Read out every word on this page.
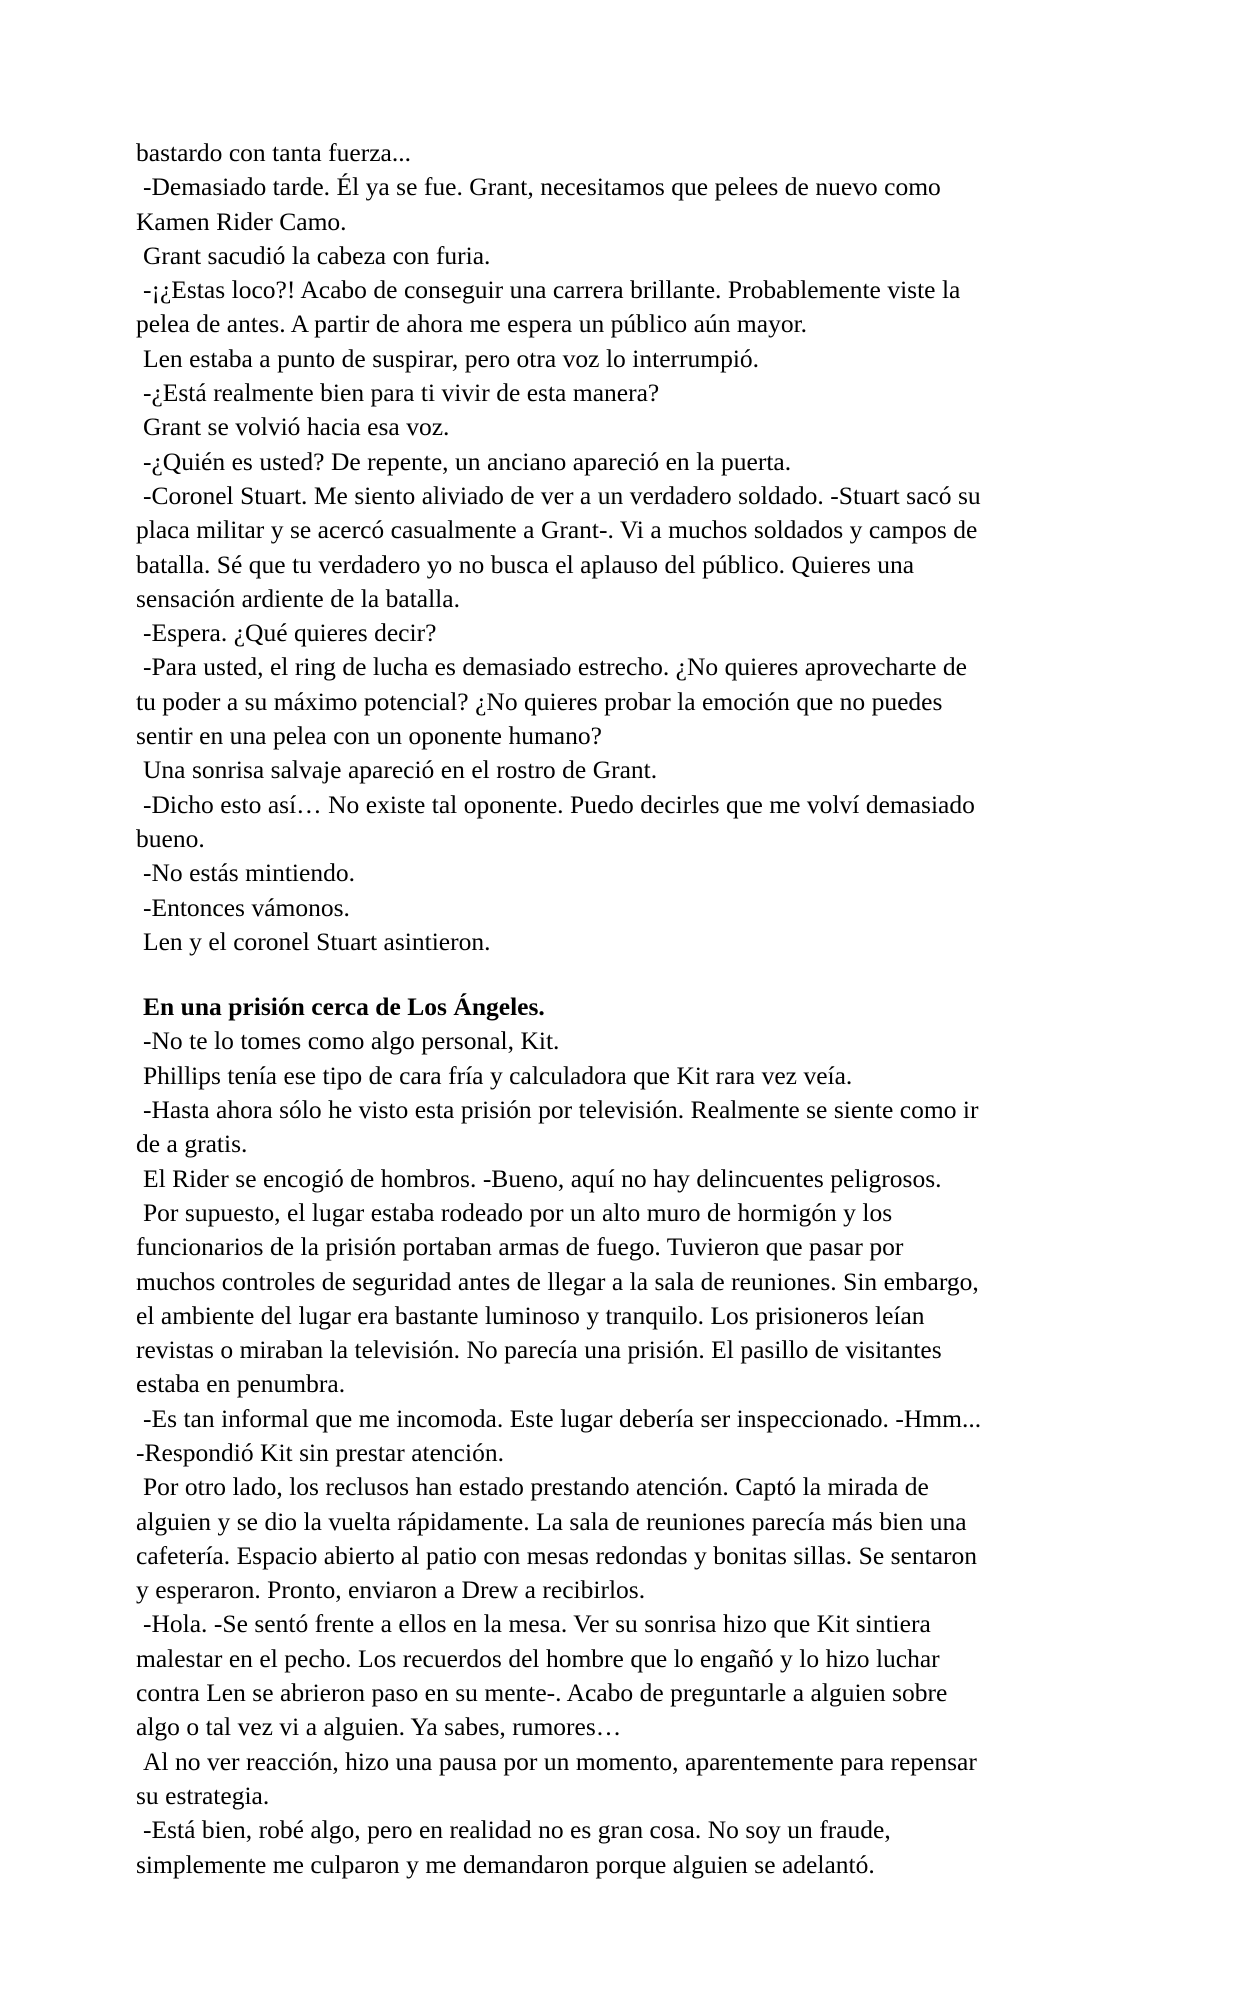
bastardo con tanta fuerza...

-Demasiado tarde. Él ya se fue. Grant, necesitamos que pelees de nuevo como Kamen Rider Camo.

Grant sacudió la cabeza con furia.

-¡¿Estas loco?! Acabo de conseguir una carrera brillante. Probablemente viste la pelea de antes. A partir de ahora me espera un público aún mayor.

Len estaba a punto de suspirar, pero otra voz lo interrumpió.

-¿Está realmente bien para ti vivir de esta manera?

Grant se volvió hacia esa voz.

-¿Quién es usted? De repente, un anciano apareció en la puerta.

-Coronel Stuart. Me siento aliviado de ver a un verdadero soldado. -Stuart sacó su placa militar y se acercó casualmente a Grant-. Vi a muchos soldados y campos de batalla. Sé que tu verdadero yo no busca el aplauso del público. Quieres una sensación ardiente de la batalla.

-Espera. ¿Qué quieres decir?

-Para usted, el ring de lucha es demasiado estrecho. ¿No quieres aprovecharte de tu poder a su máximo potencial? ¿No quieres probar la emoción que no puedes sentir en una pelea con un oponente humano?

Una sonrisa salvaje apareció en el rostro de Grant.

-Dicho esto así… No existe tal oponente. Puedo decirles que me volví demasiado bueno.

-No estás mintiendo.

-Entonces vámonos.

Len y el coronel Stuart asintieron.

En una prisión cerca de Los Ángeles.

-No te lo tomes como algo personal, Kit.

Phillips tenía ese tipo de cara fría y calculadora que Kit rara vez veía.

-Hasta ahora sólo he visto esta prisión por televisión. Realmente se siente como ir de a gratis.

El Rider se encogió de hombros. -Bueno, aquí no hay delincuentes peligrosos.

Por supuesto, el lugar estaba rodeado por un alto muro de hormigón y los funcionarios de la prisión portaban armas de fuego. Tuvieron que pasar por muchos controles de seguridad antes de llegar a la sala de reuniones. Sin embargo, el ambiente del lugar era bastante luminoso y tranquilo. Los prisioneros leían revistas o miraban la televisión. No parecía una prisión. El pasillo de visitantes estaba en penumbra.

-Es tan informal que me incomoda. Este lugar debería ser inspeccionado. -Hmm... -Respondió Kit sin prestar atención.

Por otro lado, los reclusos han estado prestando atención. Captó la mirada de alguien y se dio la vuelta rápidamente. La sala de reuniones parecía más bien una cafetería. Espacio abierto al patio con mesas redondas y bonitas sillas. Se sentaron y esperaron. Pronto, enviaron a Drew a recibirlos.

-Hola. -Se sentó frente a ellos en la mesa. Ver su sonrisa hizo que Kit sintiera malestar en el pecho. Los recuerdos del hombre que lo engañó y lo hizo luchar contra Len se abrieron paso en su mente-. Acabo de preguntarle a alguien sobre algo o tal vez vi a alguien. Ya sabes, rumores…

Al no ver reacción, hizo una pausa por un momento, aparentemente para repensar su estrategia.

-Está bien, robé algo, pero en realidad no es gran cosa. No soy un fraude, simplemente me culparon y me demandaron porque alguien se adelantó.
